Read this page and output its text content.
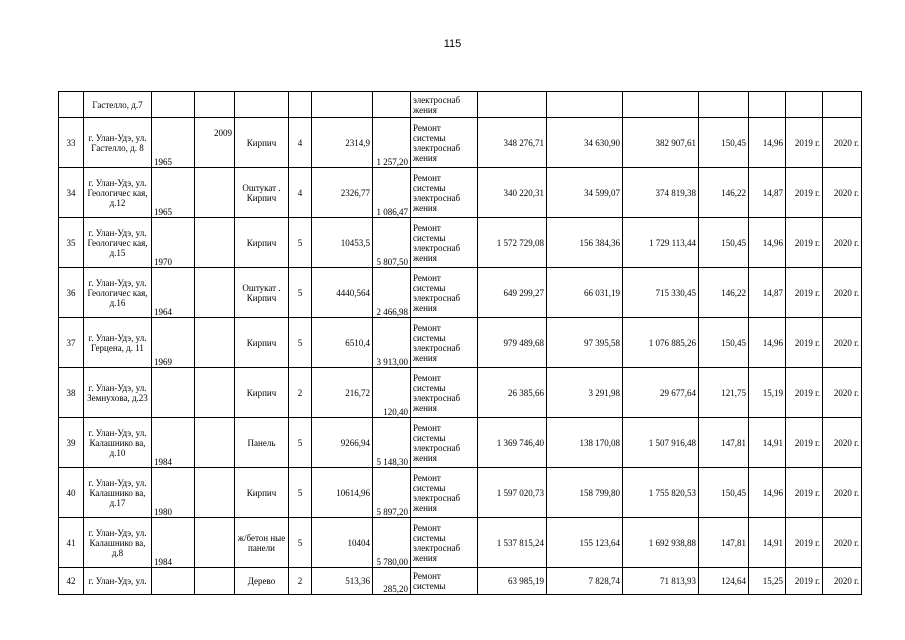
115
	Гастелло, д.7							электроснаб жения							
33	г. Улан-Удэ, ул. Гастелло, д. 8	1965	2009	Кирпич	4	2314,9	1 257,20	Ремонт системы электроснаб жения	348 276,71	34 630,90	382 907,61	150,45	14,96	2019 г.	2020 г.
34	г. Улан-Удэ, ул. Геологичес кая, д.12	1965		Оштукат . Кирпич	4	2326,77	1 086,47	Ремонт системы электроснаб жения	340 220,31	34 599,07	374 819,38	146,22	14,87	2019 г.	2020 г.
35	г. Улан-Удэ, ул. Геологичес кая, д.15	1970		Кирпич	5	10453,5	5 807,50	Ремонт системы электроснаб жения	1 572 729,08	156 384,36	1 729 113,44	150,45	14,96	2019 г.	2020 г.
36	г. Улан-Удэ, ул. Геологичес кая, д.16	1964		Оштукат . Кирпич	5	4440,564	2 466,98	Ремонт системы электроснаб жения	649 299,27	66 031,19	715 330,45	146,22	14,87	2019 г.	2020 г.
37	г. Улан-Удэ, ул. Герцена, д. 11	1969		Кирпич	5	6510,4	3 913,00	Ремонт системы электроснаб жения	979 489,68	97 395,58	1 076 885,26	150,45	14,96	2019 г.	2020 г.
38	г. Улан-Удэ, ул. Земнухова, д.23			Кирпич	2	216,72	120,40	Ремонт системы электроснаб жения	26 385,66	3 291,98	29 677,64	121,75	15,19	2019 г.	2020 г.
39	г. Улан-Удэ, ул. Калашнико ва, д.10	1984		Панель	5	9266,94	5 148,30	Ремонт системы электроснаб жения	1 369 746,40	138 170,08	1 507 916,48	147,81	14,91	2019 г.	2020 г.
40	г. Улан-Удэ, ул. Калашнико ва, д.17	1980		Кирпич	5	10614,96	5 897,20	Ремонт системы электроснаб жения	1 597 020,73	158 799,80	1 755 820,53	150,45	14,96	2019 г.	2020 г.
41	г. Улан-Удэ, ул. Калашнико ва, д.8	1984		ж/бетон ные панели	5	10404	5 780,00	Ремонт системы электроснаб жения	1 537 815,24	155 123,64	1 692 938,88	147,81	14,91	2019 г.	2020 г.
42	г. Улан-Удэ, ул.			Дерево	2	513,36	285,20	Ремонт системы	63 985,19	7 828,74	71 813,93	124,64	15,25	2019 г.	2020 г.
